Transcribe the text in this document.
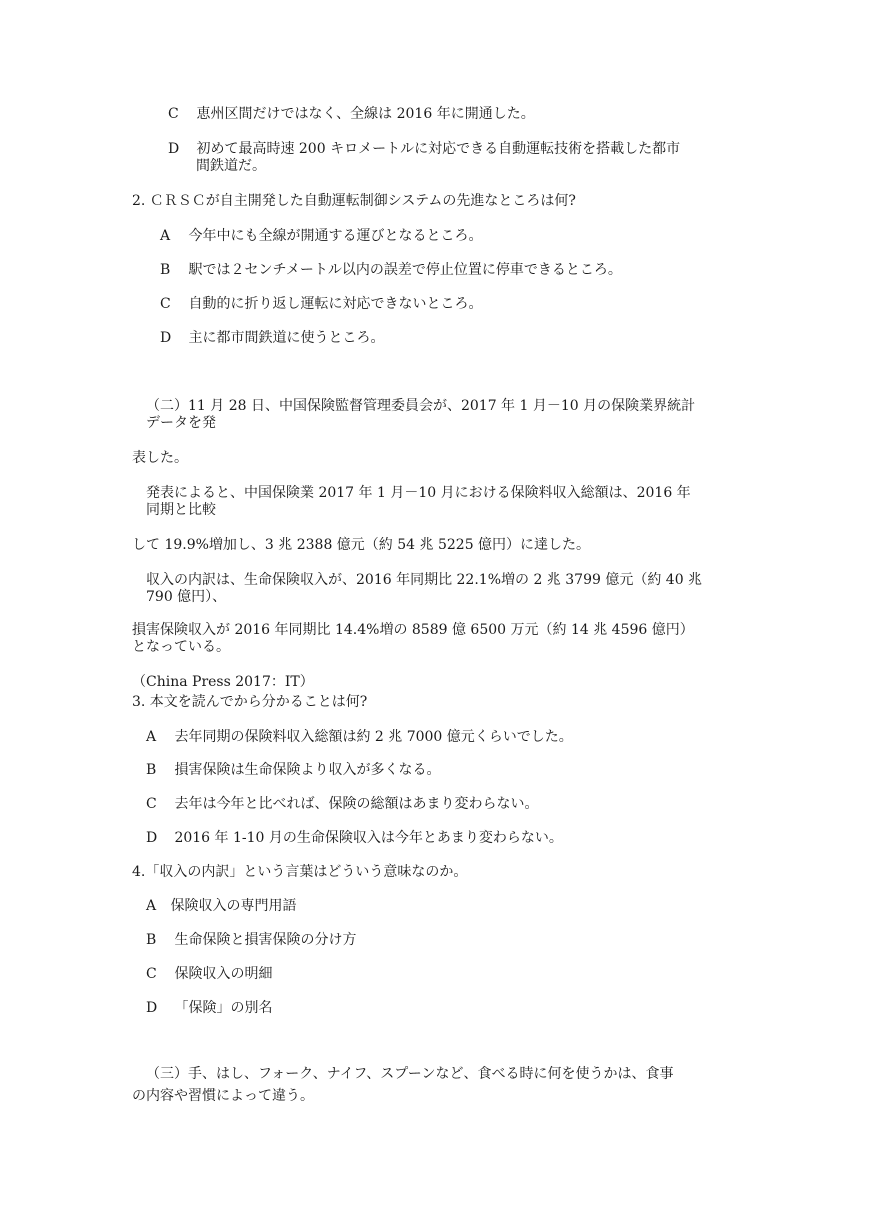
C 恵州区間だけではなく、全線は 2016 年に開通した。
D 初めて最高時速 200 キロメートルに対応できる自動運転技術を搭載した都市
間鉄道だ。
2. ＣＲＳＣが自主開発した自動運転制御システムの先進なところは何?
A 今年中にも全線が開通する運びとなるところ。
B 駅では２センチメートル以内の誤差で停止位置に停車できるところ。
C 自動的に折り返し運転に対応できないところ。
D 主に都市間鉄道に使うところ。
（二）11 月 28 日、中国保険監督管理委員会が、2017 年 1 月－10 月の保険業界統計
データを発
表した。
発表によると、中国保険業 2017 年 1 月－10 月における保険料収入総額は、2016 年
同期と比較
して 19.9%増加し、3 兆 2388 億元（約 54 兆 5225 億円）に達した。
収入の内訳は、生命保険収入が、2016 年同期比 22.1%増の 2 兆 3799 億元（約 40 兆
790 億円）、
損害保険収入が 2016 年同期比 14.4%増の 8589 億 6500 万元（約 14 兆 4596 億円）
となっている。
（China Press 2017：IT）
3. 本文を読んでから分かることは何?
A 去年同期の保険料収入総額は約 2 兆 7000 億元くらいでした。
B 損害保険は生命保険より収入が多くなる。
C 去年は今年と比べれば、保険の総額はあまり変わらない。
D 2016 年 1-10 月の生命保険収入は今年とあまり変わらない。
4.「収入の内訳」という言葉はどういう意味なのか。
A 保険収入の専門用語
B 生命保険と損害保険の分け方
C 保険収入の明細
D 「保険」の別名
（三）手、はし、フォーク、ナイフ、スプーンなど、食べる時に何を使うかは、食事
の内容や習慣によって違う。
